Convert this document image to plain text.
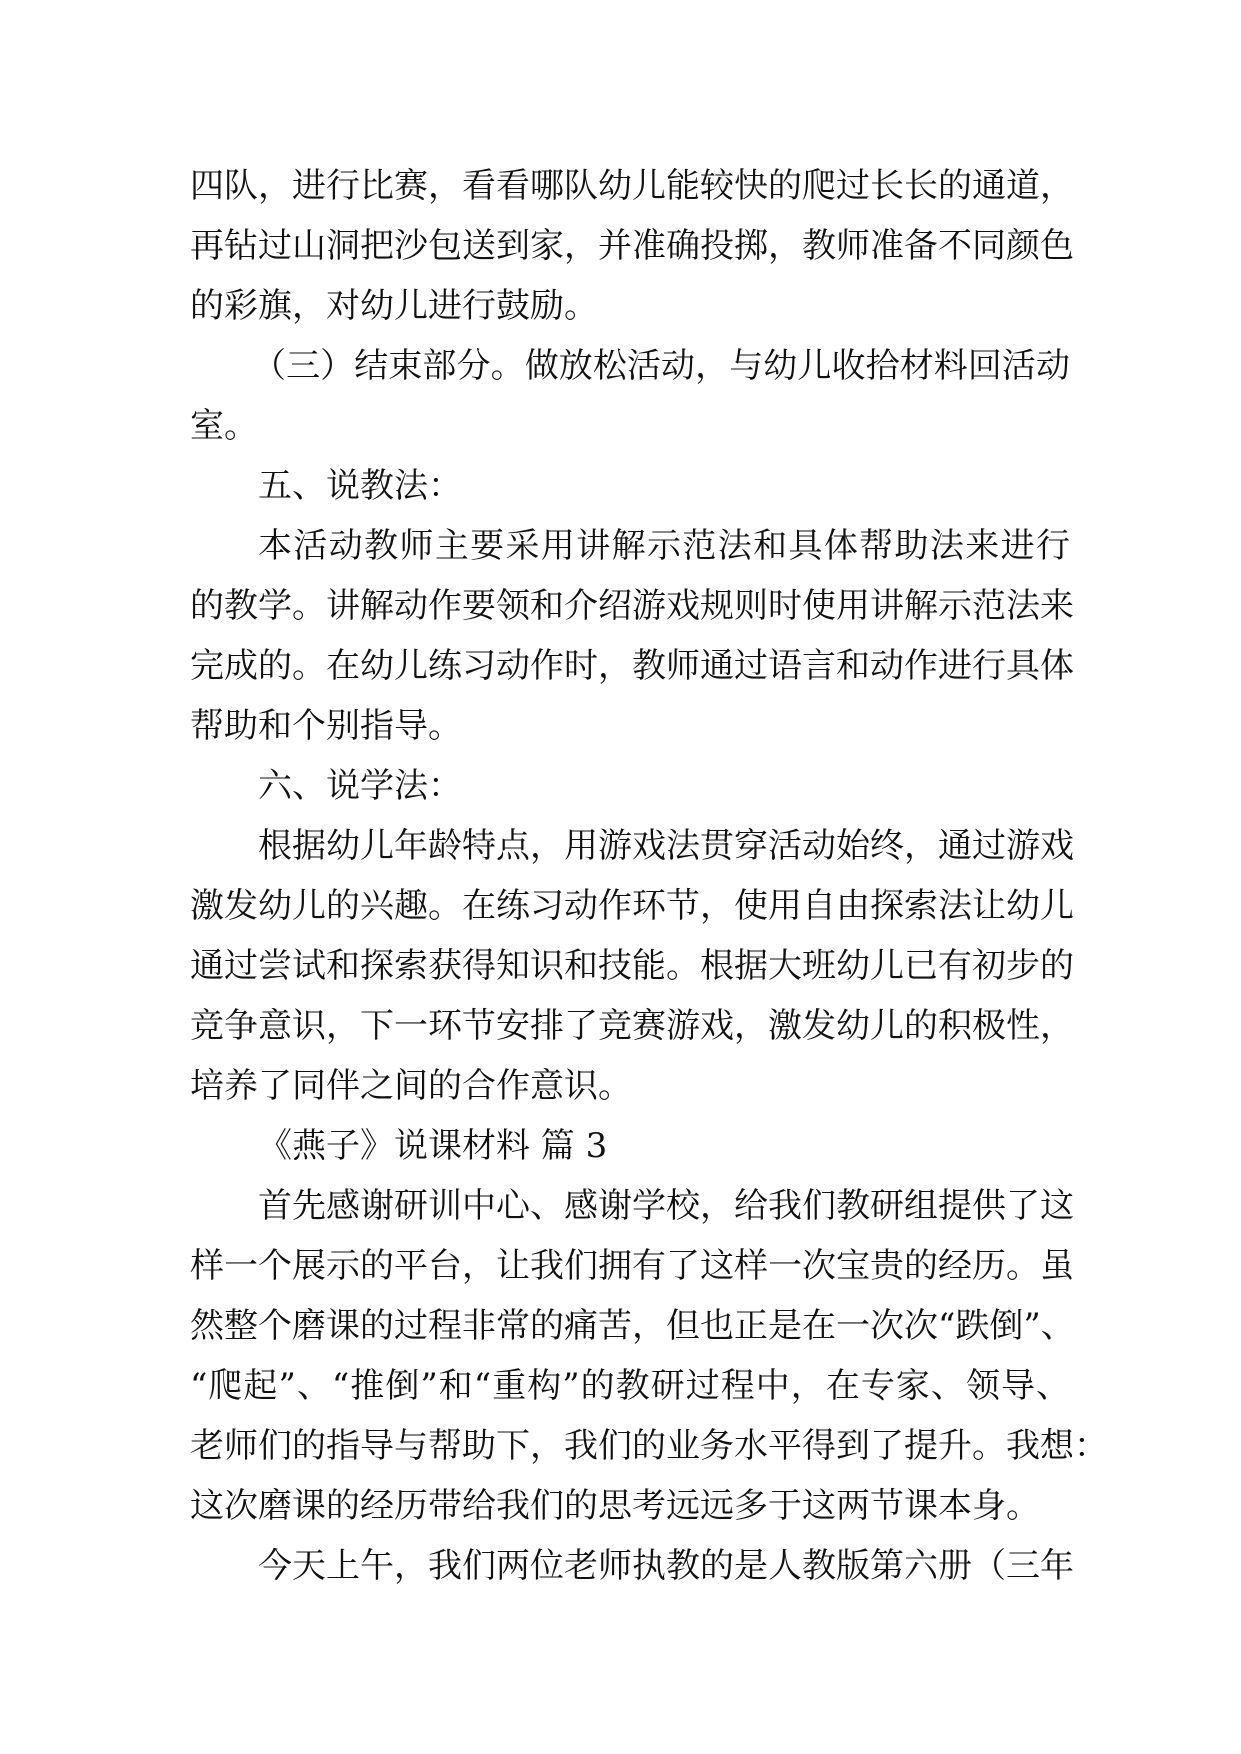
四队，进行比赛，看看哪队幼儿能较快的爬过长长的通道，
再钻过山洞把沙包送到家，并准确投掷，教师准备不同颜色
的彩旗，对幼儿进行鼓励。
（三）结束部分。做放松活动，与幼儿收拾材料回活动
室。
五、说教法：
本活动教师主要采用讲解示范法和具体帮助法来进行
的教学。讲解动作要领和介绍游戏规则时使用讲解示范法来
完成的。在幼儿练习动作时，教师通过语言和动作进行具体
帮助和个别指导。
六、说学法：
根据幼儿年龄特点，用游戏法贯穿活动始终，通过游戏
激发幼儿的兴趣。在练习动作环节，使用自由探索法让幼儿
通过尝试和探索获得知识和技能。根据大班幼儿已有初步的
竞争意识，下一环节安排了竞赛游戏，激发幼儿的积极性，
培养了同伴之间的合作意识。
《燕子》说课材料 篇 3
首先感谢研训中心、感谢学校，给我们教研组提供了这
样一个展示的平台，让我们拥有了这样一次宝贵的经历。虽
然整个磨课的过程非常的痛苦，但也正是在一次次“跌倒”、
“爬起”、“推倒”和“重构”的教研过程中，在专家、领导、
老师们的指导与帮助下，我们的业务水平得到了提升。我想：
这次磨课的经历带给我们的思考远远多于这两节课本身。
今天上午，我们两位老师执教的是人教版第六册（三年
